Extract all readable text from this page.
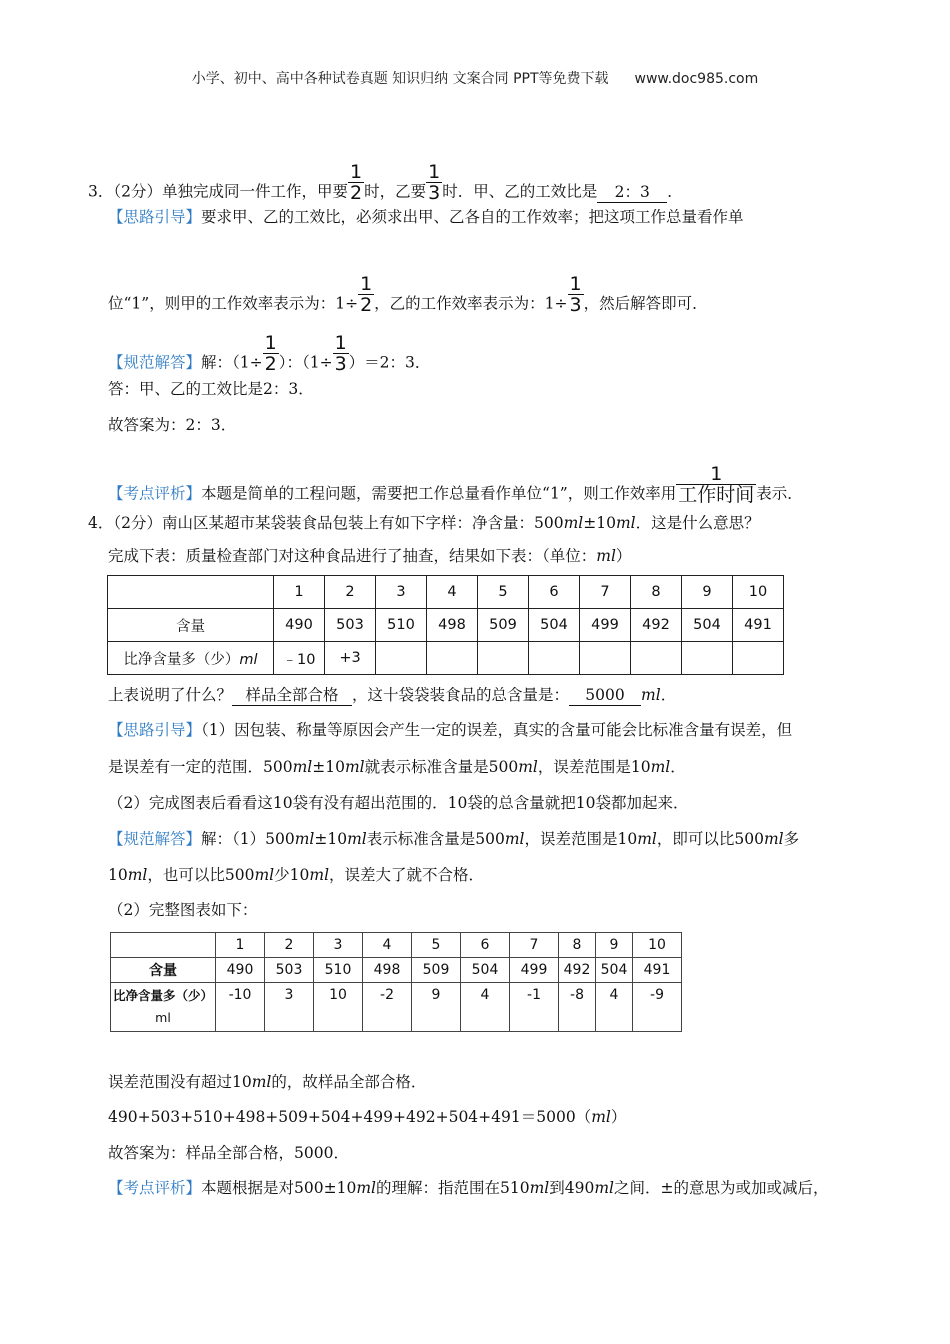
小学、初中、高中各种试卷真题 知识归纳 文案合同 PPT等免费下载 www.doc985.com
3．（2分）单独完成同一件工作，甲要 $\frac{1}{2}$ 时，乙要 $\frac{1}{3}$ 时．甲、乙的工效比是 2：3 ．
【思路引导】要求甲、乙的工效比，必须求出甲、乙各自的工作效率；把这项工作总量看作单
位“1”，则甲的工作效率表示为：$1\div \frac{1}{2}$ ，乙的工作效率表示为：$1\div \frac{1}{3}$ ，然后解答即可．
【规范解答】解：（$1\div \frac{1}{2}$ ）：$(1\div \frac{1}{3} )=2$：3．
答：甲、乙的工效比是2：3．
故答案为：2：3．
【考点评析】本题是简单的工程问题，需要把工作总量看作单位“1”，则工作效率用 $\frac{1}{\text{工作时间}}$ 表示．
4．（2分）南山区某超市某袋装食品包装上有如下字样：净含量：500ml±10ml．这是什么意思？
完成下表：质量检查部门对这种食品进行了抽查，结果如下表：（单位：ml）
	1	2	3	4	5	6	7	8	9	10
含量	490	503	510	498	509	504	499	492	504	491
比净含量多（少）ml	﹣10	+3								
上表说明了什么？ 样品全部合格 ，这十袋袋装食品的总含量是： 5000 ml．
【思路引导】（1）因包装、称量等原因会产生一定的误差，真实的含量可能会比标准含量有误差，但
是误差有一定的范围．500ml±10ml就表示标准含量是500ml，误差范围是10ml．
（2）完成图表后看看这10袋有没有超出范围的．10袋的总含量就把10袋都加起来．
【规范解答】解：（1）500ml±10ml表示标准含量是500ml，误差范围是10ml，即可以比500ml多
10ml，也可以比500ml少10ml，误差大了就不合格．
（2）完整图表如下：
	1	2	3	4	5	6	7	8	9	10
含量	490	503	510	498	509	504	499	492	504	491
比净含量多（少）
ml	-10	3	10	-2	9	4	-1	-8	4	-9
误差范围没有超过10ml的，故样品全部合格．
490+503+510+498+509+504+499+492+504+491＝5000（ml）
故答案为：样品全部合格，5000．
【考点评析】本题根据是对500±10ml的理解：指范围在510ml到490ml之间．±的意思为或加或减后，
